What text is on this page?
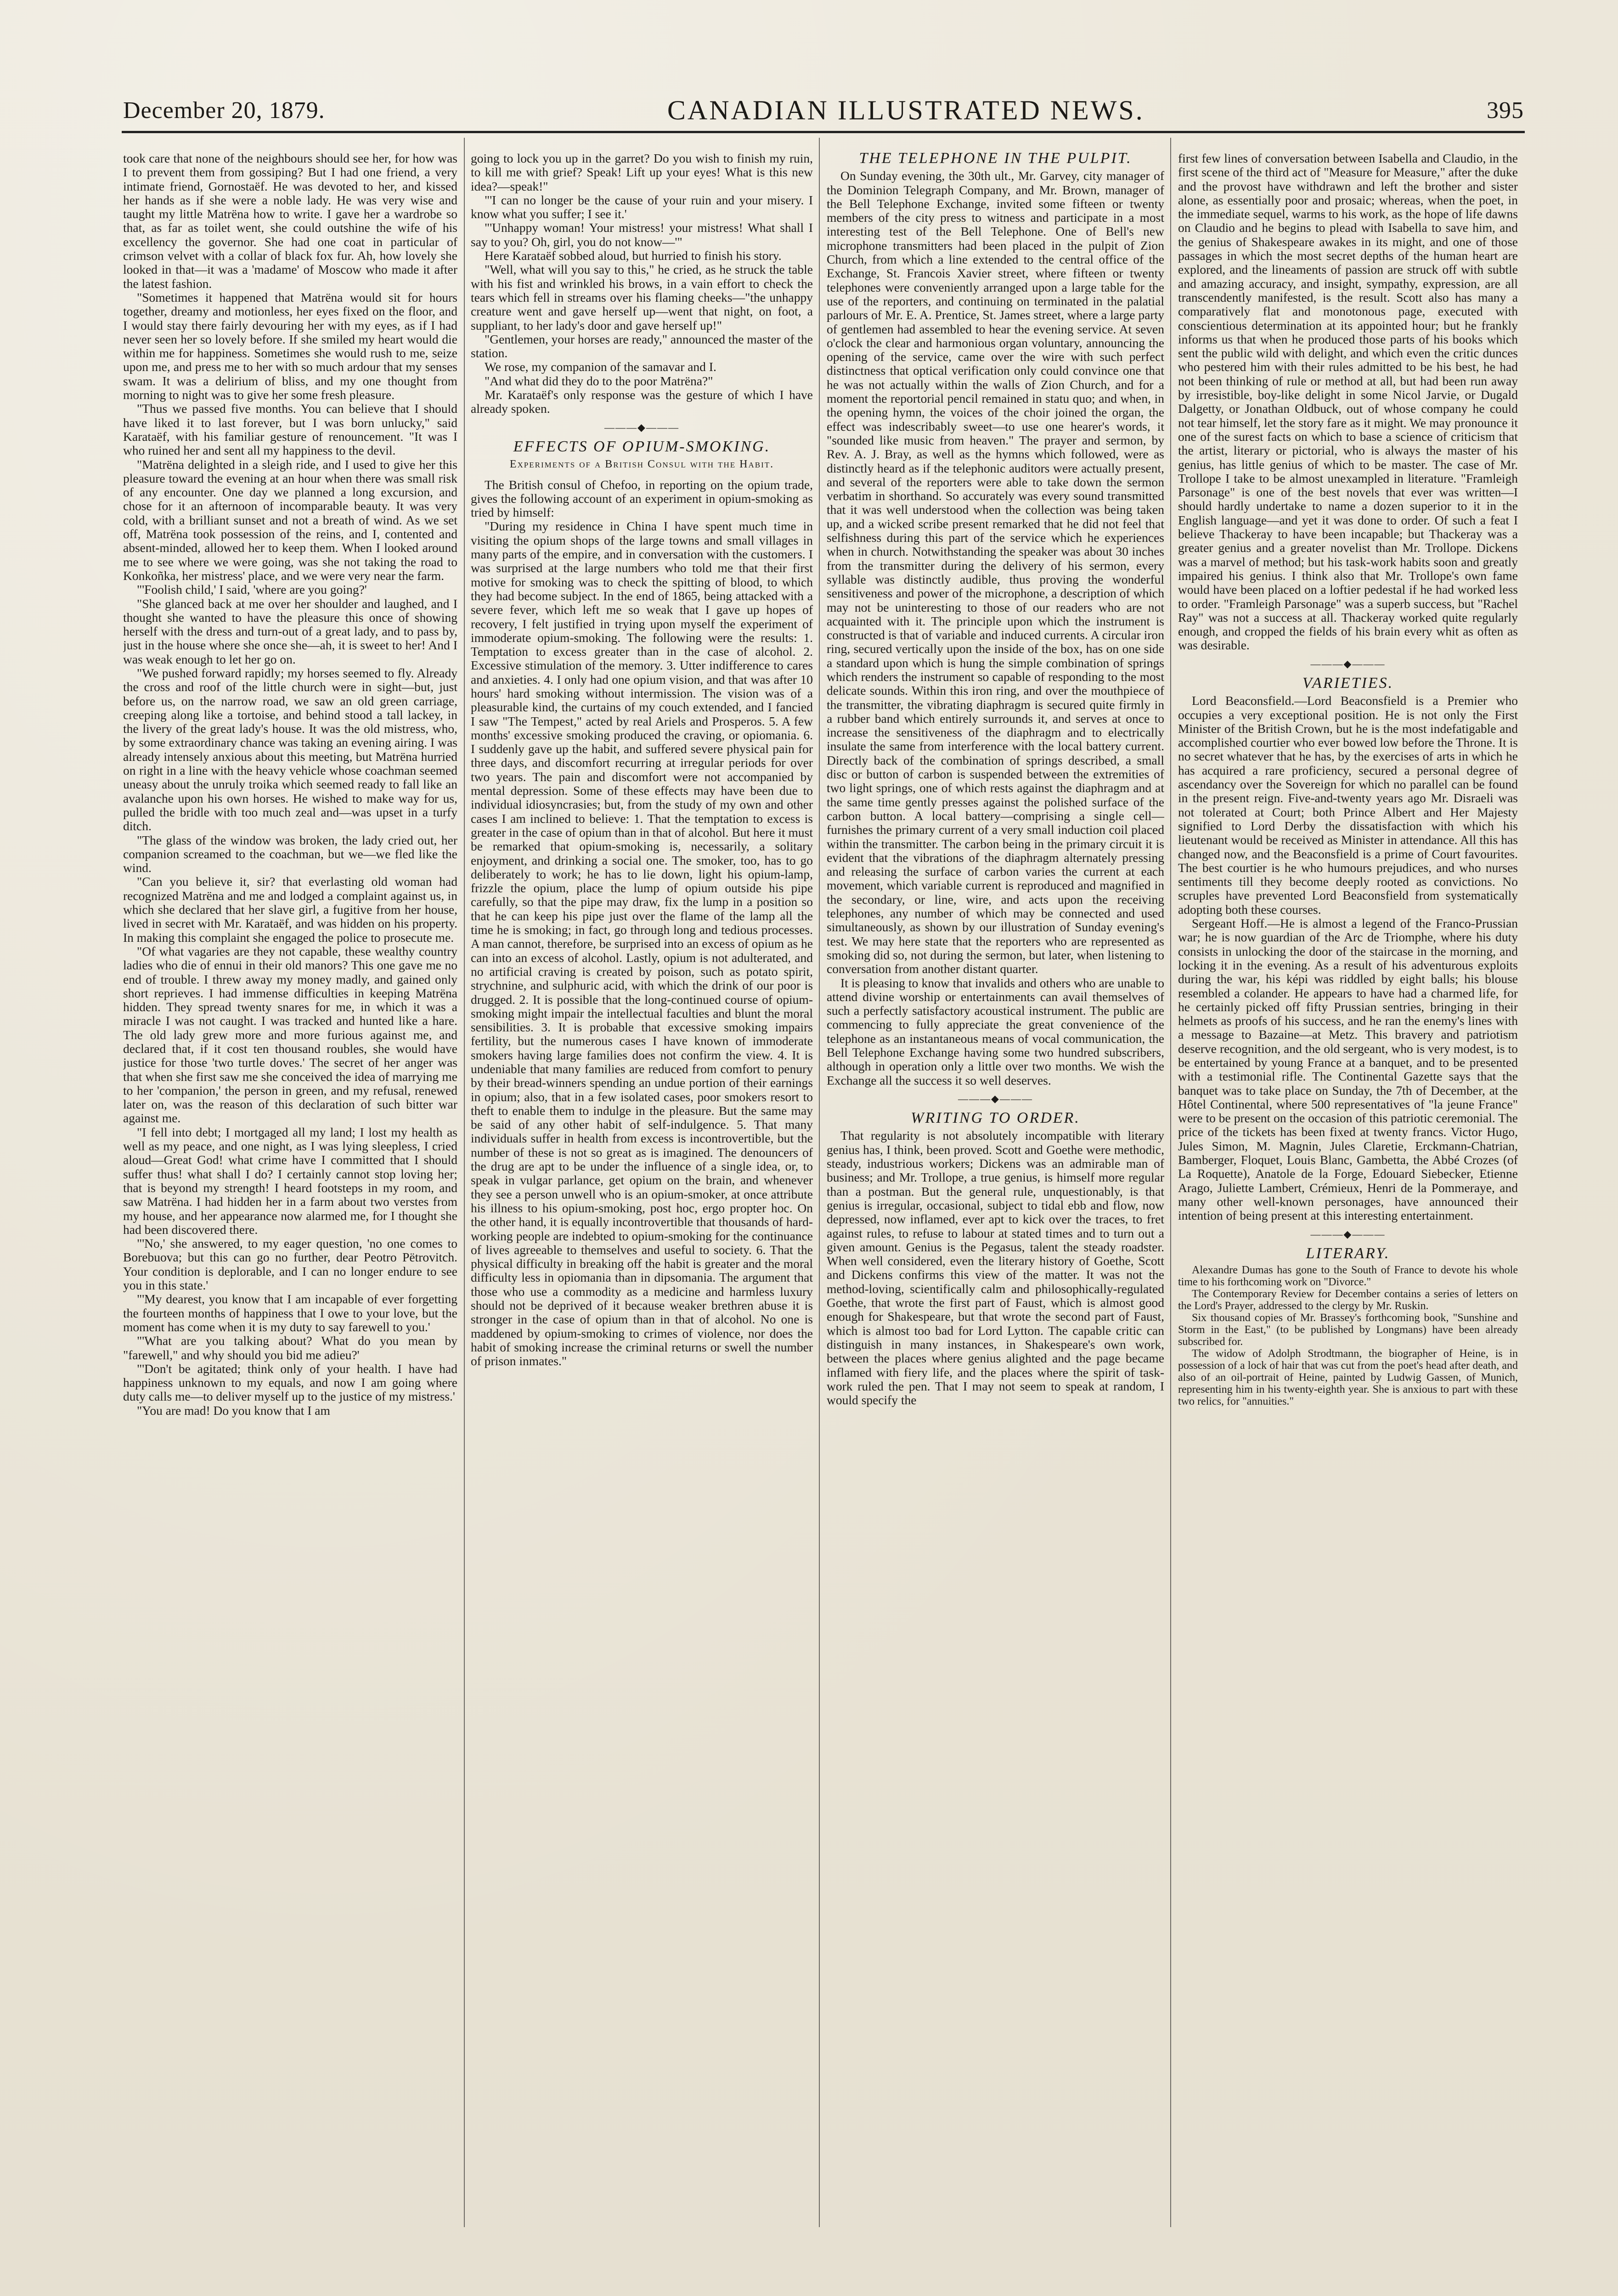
December 20, 1879.	CANADIAN ILLUSTRATED NEWS.	395

took care that none of the neighbours should see her, for how was I to prevent them from gossiping? But I had one friend, a very intimate friend, Gornostaëf. He was devoted to her, and kissed her hands as if she were a noble lady. He was very wise and taught my little Matrëna how to write. I gave her a wardrobe so that, as far as toilet went, she could outshine the wife of his excellency the governor. She had one coat in particular of crimson velvet with a collar of black fox fur. Ah, how lovely she looked in that—it was a 'madame' of Moscow who made it after the latest fashion.

"Sometimes it happened that Matrëna would sit for hours together, dreamy and motionless, her eyes fixed on the floor, and I would stay there fairly devouring her with my eyes, as if I had never seen her so lovely before. If she smiled my heart would die within me for happiness. Sometimes she would rush to me, seize upon me, and press me to her with so much ardour that my senses swam. It was a delirium of bliss, and my one thought from morning to night was to give her some fresh pleasure.

"Thus we passed five months. You can believe that I should have liked it to last forever, but I was born unlucky," said Karataëf, with his familiar gesture of renouncement. "It was I who ruined her and sent all my happiness to the devil.

"Matrëna delighted in a sleigh ride, and I used to give her this pleasure toward the evening at an hour when there was small risk of any encounter. One day we planned a long excursion, and chose for it an afternoon of incomparable beauty. It was very cold, with a brilliant sunset and not a breath of wind. As we set off, Matrëna took possession of the reins, and I, contented and absent-minded, allowed her to keep them. When I looked around me to see where we were going, was she not taking the road to Konkoñka, her mistress' place, and we were very near the farm.

"'Foolish child,' I said, 'where are you going?'

"She glanced back at me over her shoulder and laughed, and I thought she wanted to have the pleasure this once of showing herself with the dress and turn-out of a great lady, and to pass by, just in the house where she once she—ah, it is sweet to her! And I was weak enough to let her go on.

"We pushed forward rapidly; my horses seemed to fly. Already the cross and roof of the little church were in sight—but, just before us, on the narrow road, we saw an old green carriage, creeping along like a tortoise, and behind stood a tall lackey, in the livery of the great lady's house. It was the old mistress, who, by some extraordinary chance was taking an evening airing. I was already intensely anxious about this meeting, but Matrëna hurried on right in a line with the heavy vehicle whose coachman seemed uneasy about the unruly troika which seemed ready to fall like an avalanche upon his own horses. He wished to make way for us, pulled the bridle with too much zeal and—was upset in a turfy ditch.

"The glass of the window was broken, the lady cried out, her companion screamed to the coachman, but we—we fled like the wind.

"Can you believe it, sir? that everlasting old woman had recognized Matrëna and me and lodged a complaint against us, in which she declared that her slave girl, a fugitive from her house, lived in secret with Mr. Karataëf, and was hidden on his property. In making this complaint she engaged the police to prosecute me.

"Of what vagaries are they not capable, these wealthy country ladies who die of ennui in their old manors? This one gave me no end of trouble. I threw away my money madly, and gained only short reprieves. I had immense difficulties in keeping Matrëna hidden. They spread twenty snares for me, in which it was a miracle I was not caught. I was tracked and hunted like a hare. The old lady grew more and more furious against me, and declared that, if it cost ten thousand roubles, she would have justice for those 'two turtle doves.' The secret of her anger was that when she first saw me she conceived the idea of marrying me to her 'companion,' the person in green, and my refusal, renewed later on, was the reason of this declaration of such bitter war against me.

"I fell into debt; I mortgaged all my land; I lost my health as well as my peace, and one night, as I was lying sleepless, I cried aloud—Great God! what crime have I committed that I should suffer thus! what shall I do? I certainly cannot stop loving her; that is beyond my strength! I heard footsteps in my room, and saw Matrëna. I had hidden her in a farm about two verstes from my house, and her appearance now alarmed me, for I thought she had been discovered there.

"'No,' she answered, to my eager question, 'no one comes to Borebuova; but this can go no further, dear Peotro Pëtrovitch. Your condition is deplorable, and I can no longer endure to see you in this state.'

"'My dearest, you know that I am incapable of ever forgetting the fourteen months of happiness that I owe to your love, but the moment has come when it is my duty to say farewell to you.'

"'What are you talking about? What do you mean by "farewell," and why should you bid me adieu?'

"'Don't be agitated; think only of your health. I have had happiness unknown to my equals, and now I am going where duty calls me—to deliver myself up to the justice of my mistress.'

"You are mad! Do you know that I am

going to lock you up in the garret? Do you wish to finish my ruin, to kill me with grief? Speak! Lift up your eyes! What is this new idea?—speak!"

"'I can no longer be the cause of your ruin and your misery. I know what you suffer; I see it.'

"'Unhappy woman! Your mistress! your mistress! What shall I say to you? Oh, girl, you do not know—'"

Here Karataëf sobbed aloud, but hurried to finish his story.

"Well, what will you say to this," he cried, as he struck the table with his fist and wrinkled his brows, in a vain effort to check the tears which fell in streams over his flaming cheeks—"the unhappy creature went and gave herself up—went that night, on foot, a suppliant, to her lady's door and gave herself up!"

"Gentlemen, your horses are ready," announced the master of the station.

We rose, my companion of the samavar and I.

"And what did they do to the poor Matrëna?"

Mr. Karataëf's only response was the gesture of which I have already spoken.

———◆———
EFFECTS OF OPIUM-SMOKING.
Experiments of a British Consul with the Habit.

The British consul of Chefoo, in reporting on the opium trade, gives the following account of an experiment in opium-smoking as tried by himself:

"During my residence in China I have spent much time in visiting the opium shops of the large towns and small villages in many parts of the empire, and in conversation with the customers. I was surprised at the large numbers who told me that their first motive for smoking was to check the spitting of blood, to which they had become subject. In the end of 1865, being attacked with a severe fever, which left me so weak that I gave up hopes of recovery, I felt justified in trying upon myself the experiment of immoderate opium-smoking. The following were the results: 1. Temptation to excess greater than in the case of alcohol. 2. Excessive stimulation of the memory. 3. Utter indifference to cares and anxieties. 4. I only had one opium vision, and that was after 10 hours' hard smoking without intermission. The vision was of a pleasurable kind, the curtains of my couch extended, and I fancied I saw "The Tempest," acted by real Ariels and Prosperos. 5. A few months' excessive smoking produced the craving, or opiomania. 6. I suddenly gave up the habit, and suffered severe physical pain for three days, and discomfort recurring at irregular periods for over two years. The pain and discomfort were not accompanied by mental depression. Some of these effects may have been due to individual idiosyncrasies; but, from the study of my own and other cases I am inclined to believe: 1. That the temptation to excess is greater in the case of opium than in that of alcohol. But here it must be remarked that opium-smoking is, necessarily, a solitary enjoyment, and drinking a social one. The smoker, too, has to go deliberately to work; he has to lie down, light his opium-lamp, frizzle the opium, place the lump of opium outside his pipe carefully, so that the pipe may draw, fix the lump in a position so that he can keep his pipe just over the flame of the lamp all the time he is smoking; in fact, go through long and tedious processes. A man cannot, therefore, be surprised into an excess of opium as he can into an excess of alcohol. Lastly, opium is not adulterated, and no artificial craving is created by poison, such as potato spirit, strychnine, and sulphuric acid, with which the drink of our poor is drugged. 2. It is possible that the long-continued course of opium-smoking might impair the intellectual faculties and blunt the moral sensibilities. 3. It is probable that excessive smoking impairs fertility, but the numerous cases I have known of immoderate smokers having large families does not confirm the view. 4. It is undeniable that many families are reduced from comfort to penury by their bread-winners spending an undue portion of their earnings in opium; also, that in a few isolated cases, poor smokers resort to theft to enable them to indulge in the pleasure. But the same may be said of any other habit of self-indulgence. 5. That many individuals suffer in health from excess is incontrovertible, but the number of these is not so great as is imagined. The denouncers of the drug are apt to be under the influence of a single idea, or, to speak in vulgar parlance, get opium on the brain, and whenever they see a person unwell who is an opium-smoker, at once attribute his illness to his opium-smoking, post hoc, ergo propter hoc. On the other hand, it is equally incontrovertible that thousands of hard-working people are indebted to opium-smoking for the continuance of lives agreeable to themselves and useful to society. 6. That the physical difficulty in breaking off the habit is greater and the moral difficulty less in opiomania than in dipsomania. The argument that those who use a commodity as a medicine and harmless luxury should not be deprived of it because weaker brethren abuse it is stronger in the case of opium than in that of alcohol. No one is maddened by opium-smoking to crimes of violence, nor does the habit of smoking increase the criminal returns or swell the number of prison inmates."

THE TELEPHONE IN THE PULPIT.

On Sunday evening, the 30th ult., Mr. Garvey, city manager of the Dominion Telegraph Company, and Mr. Brown, manager of the Bell Telephone Exchange, invited some fifteen or twenty members of the city press to witness and participate in a most interesting test of the Bell Telephone. One of Bell's new microphone transmitters had been placed in the pulpit of Zion Church, from which a line extended to the central office of the Exchange, St. Francois Xavier street, where fifteen or twenty telephones were conveniently arranged upon a large table for the use of the reporters, and continuing on terminated in the palatial parlours of Mr. E. A. Prentice, St. James street, where a large party of gentlemen had assembled to hear the evening service. At seven o'clock the clear and harmonious organ voluntary, announcing the opening of the service, came over the wire with such perfect distinctness that optical verification only could convince one that he was not actually within the walls of Zion Church, and for a moment the reportorial pencil remained in statu quo; and when, in the opening hymn, the voices of the choir joined the organ, the effect was indescribably sweet—to use one hearer's words, it "sounded like music from heaven." The prayer and sermon, by Rev. A. J. Bray, as well as the hymns which followed, were as distinctly heard as if the telephonic auditors were actually present, and several of the reporters were able to take down the sermon verbatim in shorthand. So accurately was every sound transmitted that it was well understood when the collection was being taken up, and a wicked scribe present remarked that he did not feel that selfishness during this part of the service which he experiences when in church. Notwithstanding the speaker was about 30 inches from the transmitter during the delivery of his sermon, every syllable was distinctly audible, thus proving the wonderful sensitiveness and power of the microphone, a description of which may not be uninteresting to those of our readers who are not acquainted with it. The principle upon which the instrument is constructed is that of variable and induced currents. A circular iron ring, secured vertically upon the inside of the box, has on one side a standard upon which is hung the simple combination of springs which renders the instrument so capable of responding to the most delicate sounds. Within this iron ring, and over the mouthpiece of the transmitter, the vibrating diaphragm is secured quite firmly in a rubber band which entirely surrounds it, and serves at once to increase the sensitiveness of the diaphragm and to electrically insulate the same from interference with the local battery current. Directly back of the combination of springs described, a small disc or button of carbon is suspended between the extremities of two light springs, one of which rests against the diaphragm and at the same time gently presses against the polished surface of the carbon button. A local battery—comprising a single cell—furnishes the primary current of a very small induction coil placed within the transmitter. The carbon being in the primary circuit it is evident that the vibrations of the diaphragm alternately pressing and releasing the surface of carbon varies the current at each movement, which variable current is reproduced and magnified in the secondary, or line, wire, and acts upon the receiving telephones, any number of which may be connected and used simultaneously, as shown by our illustration of Sunday evening's test. We may here state that the reporters who are represented as smoking did so, not during the sermon, but later, when listening to conversation from another distant quarter.

It is pleasing to know that invalids and others who are unable to attend divine worship or entertainments can avail themselves of such a perfectly satisfactory acoustical instrument. The public are commencing to fully appreciate the great convenience of the telephone as an instantaneous means of vocal communication, the Bell Telephone Exchange having some two hundred subscribers, although in operation only a little over two months. We wish the Exchange all the success it so well deserves.

———◆———
WRITING TO ORDER.

That regularity is not absolutely incompatible with literary genius has, I think, been proved. Scott and Goethe were methodic, steady, industrious workers; Dickens was an admirable man of business; and Mr. Trollope, a true genius, is himself more regular than a postman. But the general rule, unquestionably, is that genius is irregular, occasional, subject to tidal ebb and flow, now depressed, now inflamed, ever apt to kick over the traces, to fret against rules, to refuse to labour at stated times and to turn out a given amount. Genius is the Pegasus, talent the steady roadster. When well considered, even the literary history of Goethe, Scott and Dickens confirms this view of the matter. It was not the method-loving, scientifically calm and philosophically-regulated Goethe, that wrote the first part of Faust, which is almost good enough for Shakespeare, but that wrote the second part of Faust, which is almost too bad for Lord Lytton. The capable critic can distinguish in many instances, in Shakespeare's own work, between the places where genius alighted and the page became inflamed with fiery life, and the places where the spirit of task-work ruled the pen. That I may not seem to speak at random, I would specify the

first few lines of conversation between Isabella and Claudio, in the first scene of the third act of "Measure for Measure," after the duke and the provost have withdrawn and left the brother and sister alone, as essentially poor and prosaic; whereas, when the poet, in the immediate sequel, warms to his work, as the hope of life dawns on Claudio and he begins to plead with Isabella to save him, and the genius of Shakespeare awakes in its might, and one of those passages in which the most secret depths of the human heart are explored, and the lineaments of passion are struck off with subtle and amazing accuracy, and insight, sympathy, expression, are all transcendently manifested, is the result. Scott also has many a comparatively flat and monotonous page, executed with conscientious determination at its appointed hour; but he frankly informs us that when he produced those parts of his books which sent the public wild with delight, and which even the critic dunces who pestered him with their rules admitted to be his best, he had not been thinking of rule or method at all, but had been run away by irresistible, boy-like delight in some Nicol Jarvie, or Dugald Dalgetty, or Jonathan Oldbuck, out of whose company he could not tear himself, let the story fare as it might. We may pronounce it one of the surest facts on which to base a science of criticism that the artist, literary or pictorial, who is always the master of his genius, has little genius of which to be master. The case of Mr. Trollope I take to be almost unexampled in literature. "Framleigh Parsonage" is one of the best novels that ever was written—I should hardly undertake to name a dozen superior to it in the English language—and yet it was done to order. Of such a feat I believe Thackeray to have been incapable; but Thackeray was a greater genius and a greater novelist than Mr. Trollope. Dickens was a marvel of method; but his task-work habits soon and greatly impaired his genius. I think also that Mr. Trollope's own fame would have been placed on a loftier pedestal if he had worked less to order. "Framleigh Parsonage" was a superb success, but "Rachel Ray" was not a success at all. Thackeray worked quite regularly enough, and cropped the fields of his brain every whit as often as was desirable.

———◆———
VARIETIES.

Lord Beaconsfield.—Lord Beaconsfield is a Premier who occupies a very exceptional position. He is not only the First Minister of the British Crown, but he is the most indefatigable and accomplished courtier who ever bowed low before the Throne. It is no secret whatever that he has, by the exercises of arts in which he has acquired a rare proficiency, secured a personal degree of ascendancy over the Sovereign for which no parallel can be found in the present reign. Five-and-twenty years ago Mr. Disraeli was not tolerated at Court; both Prince Albert and Her Majesty signified to Lord Derby the dissatisfaction with which his lieutenant would be received as Minister in attendance. All this has changed now, and the Beaconsfield is a prime of Court favourites. The best courtier is he who humours prejudices, and who nurses sentiments till they become deeply rooted as convictions. No scruples have prevented Lord Beaconsfield from systematically adopting both these courses.

Sergeant Hoff.—He is almost a legend of the Franco-Prussian war; he is now guardian of the Arc de Triomphe, where his duty consists in unlocking the door of the staircase in the morning, and locking it in the evening. As a result of his adventurous exploits during the war, his képi was riddled by eight balls; his blouse resembled a colander. He appears to have had a charmed life, for he certainly picked off fifty Prussian sentries, bringing in their helmets as proofs of his success, and he ran the enemy's lines with a message to Bazaine—at Metz. This bravery and patriotism deserve recognition, and the old sergeant, who is very modest, is to be entertained by young France at a banquet, and to be presented with a testimonial rifle. The Continental Gazette says that the banquet was to take place on Sunday, the 7th of December, at the Hôtel Continental, where 500 representatives of "la jeune France" were to be present on the occasion of this patriotic ceremonial. The price of the tickets has been fixed at twenty francs. Victor Hugo, Jules Simon, M. Magnin, Jules Claretie, Erckmann-Chatrian, Bamberger, Floquet, Louis Blanc, Gambetta, the Abbé Crozes (of La Roquette), Anatole de la Forge, Edouard Siebecker, Etienne Arago, Juliette Lambert, Crémieux, Henri de la Pommeraye, and many other well-known personages, have announced their intention of being present at this interesting entertainment.

———◆———
LITERARY.

Alexandre Dumas has gone to the South of France to devote his whole time to his forthcoming work on "Divorce."

The Contemporary Review for December contains a series of letters on the Lord's Prayer, addressed to the clergy by Mr. Ruskin.

Six thousand copies of Mr. Brassey's forthcoming book, "Sunshine and Storm in the East," (to be published by Longmans) have been already subscribed for.

The widow of Adolph Strodtmann, the biographer of Heine, is in possession of a lock of hair that was cut from the poet's head after death, and also of an oil-portrait of Heine, painted by Ludwig Gassen, of Munich, representing him in his twenty-eighth year. She is anxious to part with these two relics, for "annuities."
